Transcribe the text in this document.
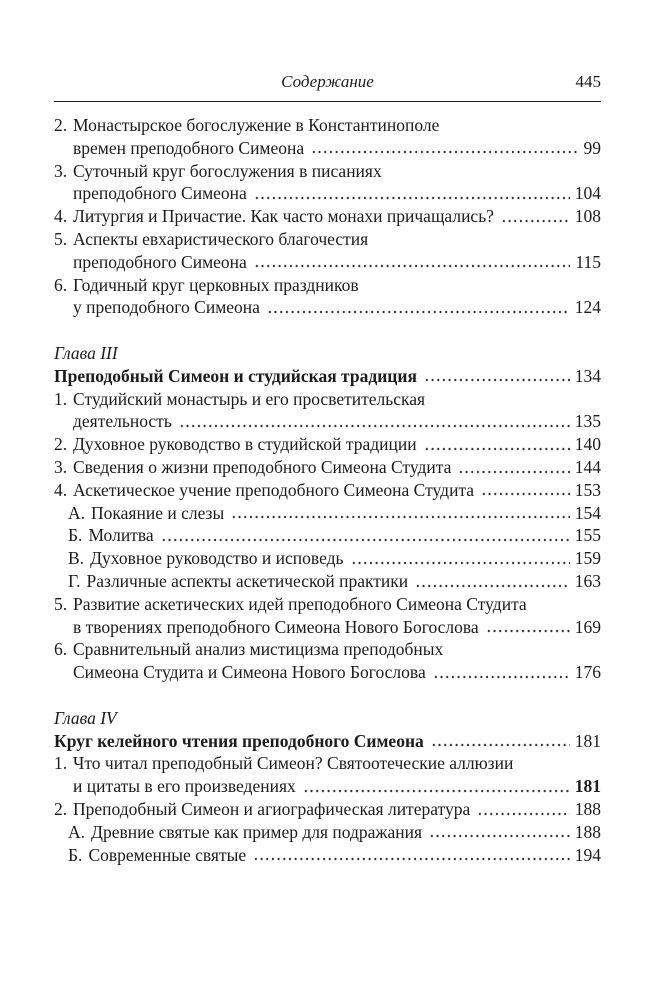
Содержание	445
2. Монастырское богослужение в Константинополе
времен преподобного Симеона	99
3. Суточный круг богослужения в писаниях
преподобного Симеона	104
4. Литургия и Причастие. Как часто монахи причащались?	108
5. Аспекты евхаристического благочестия
преподобного Симеона	115
6. Годичный круг церковных праздников
у преподобного Симеона	124
Глава III
Преподобный Симеон и студийская традиция	134
1. Студийский монастырь и его просветительская
деятельность	135
2. Духовное руководство в студийской традиции	140
3. Сведения о жизни преподобного Симеона Студита	144
4. Аскетическое учение преподобного Симеона Студита	153
А. Покаяние и слезы	154
Б. Молитва	155
В. Духовное руководство и исповедь	159
Г. Различные аспекты аскетической практики	163
5. Развитие аскетических идей преподобного Симеона Студита
в творениях преподобного Симеона Нового Богослова	169
6. Сравнительный анализ мистицизма преподобных
Симеона Студита и Симеона Нового Богослова	176
Глава IV
Круг келейного чтения преподобного Симеона	181
1. Что читал преподобный Симеон? Святоотеческие аллюзии
и цитаты в его произведениях	181
2. Преподобный Симеон и агиографическая литература	188
А. Древние святые как пример для подражания	188
Б. Современные святые	194
